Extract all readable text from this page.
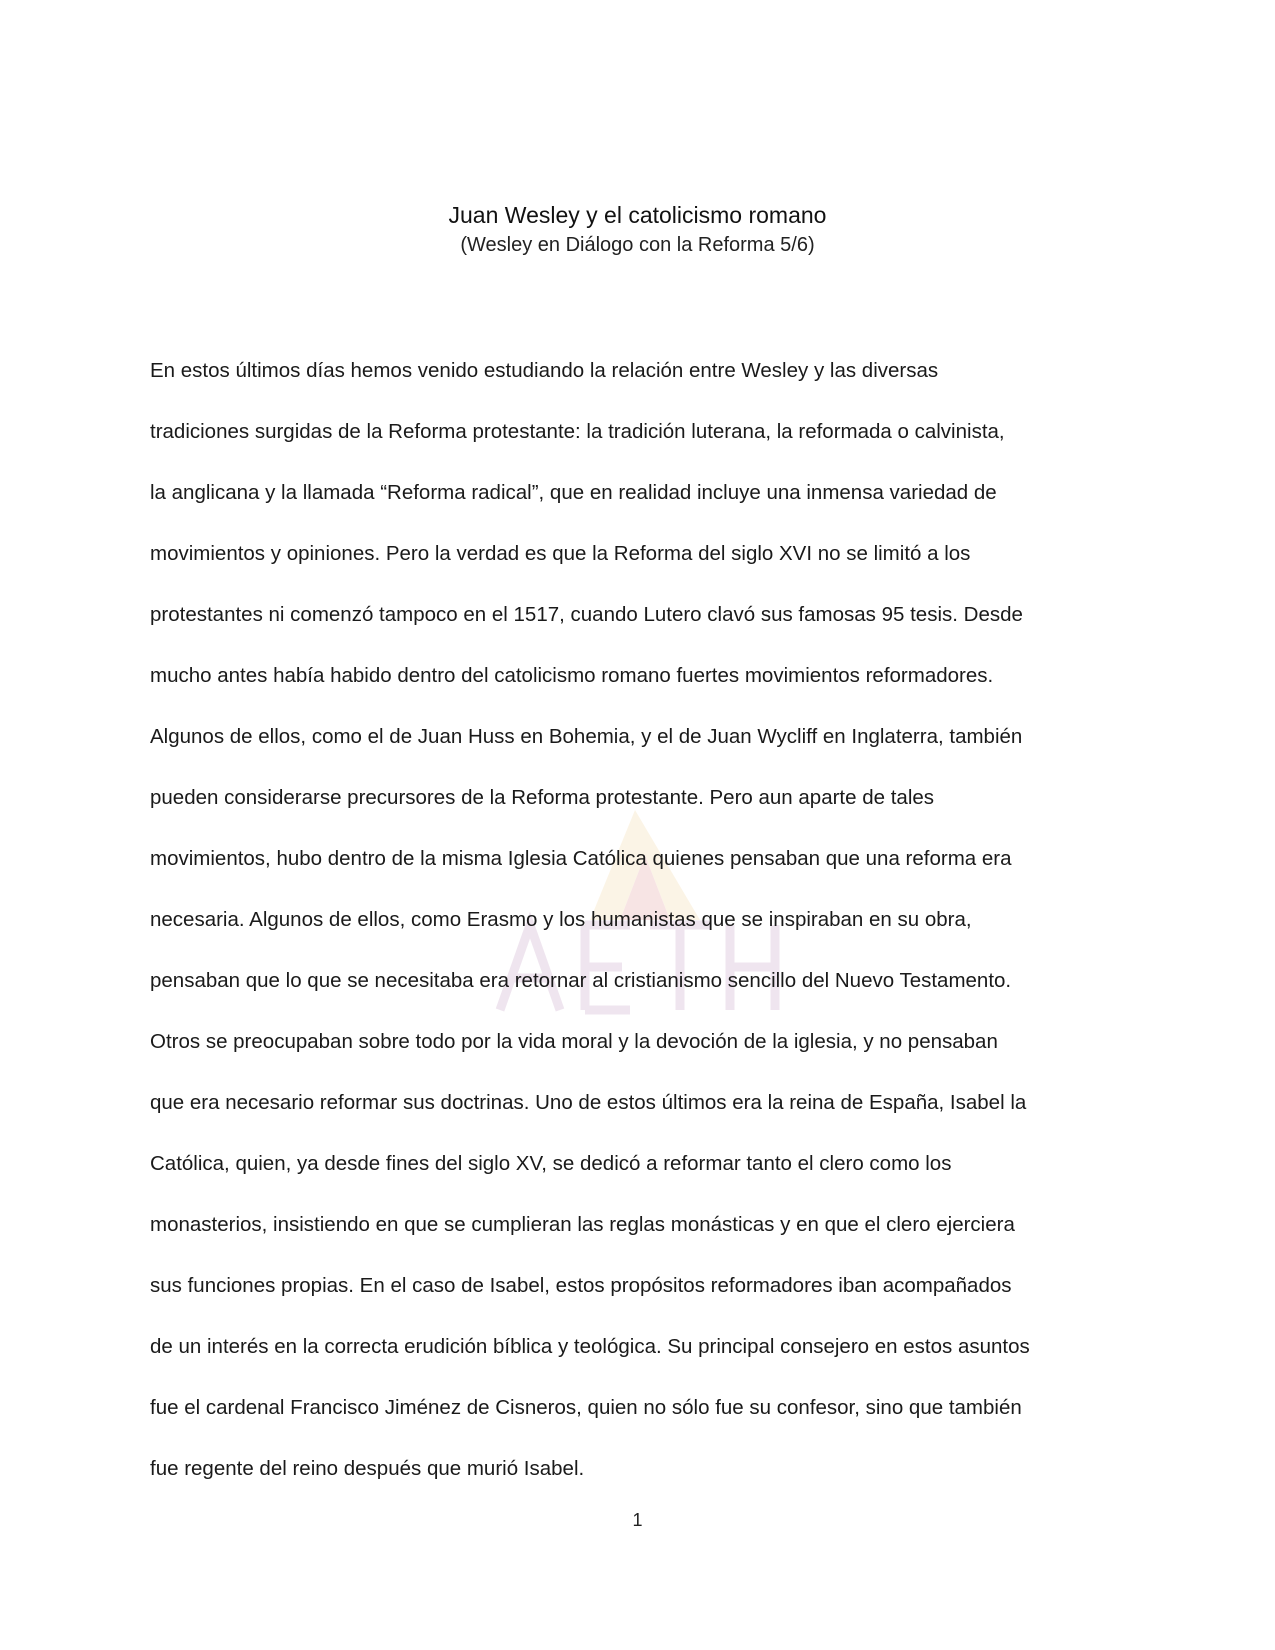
Juan Wesley y el catolicismo romano
(Wesley en Diálogo con la Reforma 5/6)
En estos últimos días hemos venido estudiando la relación entre Wesley y las diversas
tradiciones surgidas de la Reforma protestante: la tradición luterana, la reformada o calvinista,
la anglicana y la llamada “Reforma radical”, que en realidad incluye una inmensa variedad de
movimientos y opiniones. Pero la verdad es que la Reforma del siglo XVI no se limitó a los
protestantes ni comenzó tampoco en el 1517, cuando Lutero clavó sus famosas 95 tesis. Desde
mucho antes había habido dentro del catolicismo romano fuertes movimientos reformadores.
Algunos de ellos, como el de Juan Huss en Bohemia, y el de Juan Wycliff en Inglaterra, también
pueden considerarse precursores de la Reforma protestante. Pero aun aparte de tales
movimientos, hubo dentro de la misma Iglesia Católica quienes pensaban que una reforma era
necesaria. Algunos de ellos, como Erasmo y los humanistas que se inspiraban en su obra,
pensaban que lo que se necesitaba era retornar al cristianismo sencillo del Nuevo Testamento.
Otros se preocupaban sobre todo por la vida moral y la devoción de la iglesia, y no pensaban
que era necesario reformar sus doctrinas. Uno de estos últimos era la reina de España, Isabel la
Católica, quien, ya desde fines del siglo XV, se dedicó a reformar tanto el clero como los
monasterios, insistiendo en que se cumplieran las reglas monásticas y en que el clero ejerciera
sus funciones propias. En el caso de Isabel, estos propósitos reformadores iban acompañados
de un interés en la correcta erudición bíblica y teológica. Su principal consejero en estos asuntos
fue el cardenal Francisco Jiménez de Cisneros, quien no sólo fue su confesor, sino que también
fue regente del reino después que murió Isabel.
1
